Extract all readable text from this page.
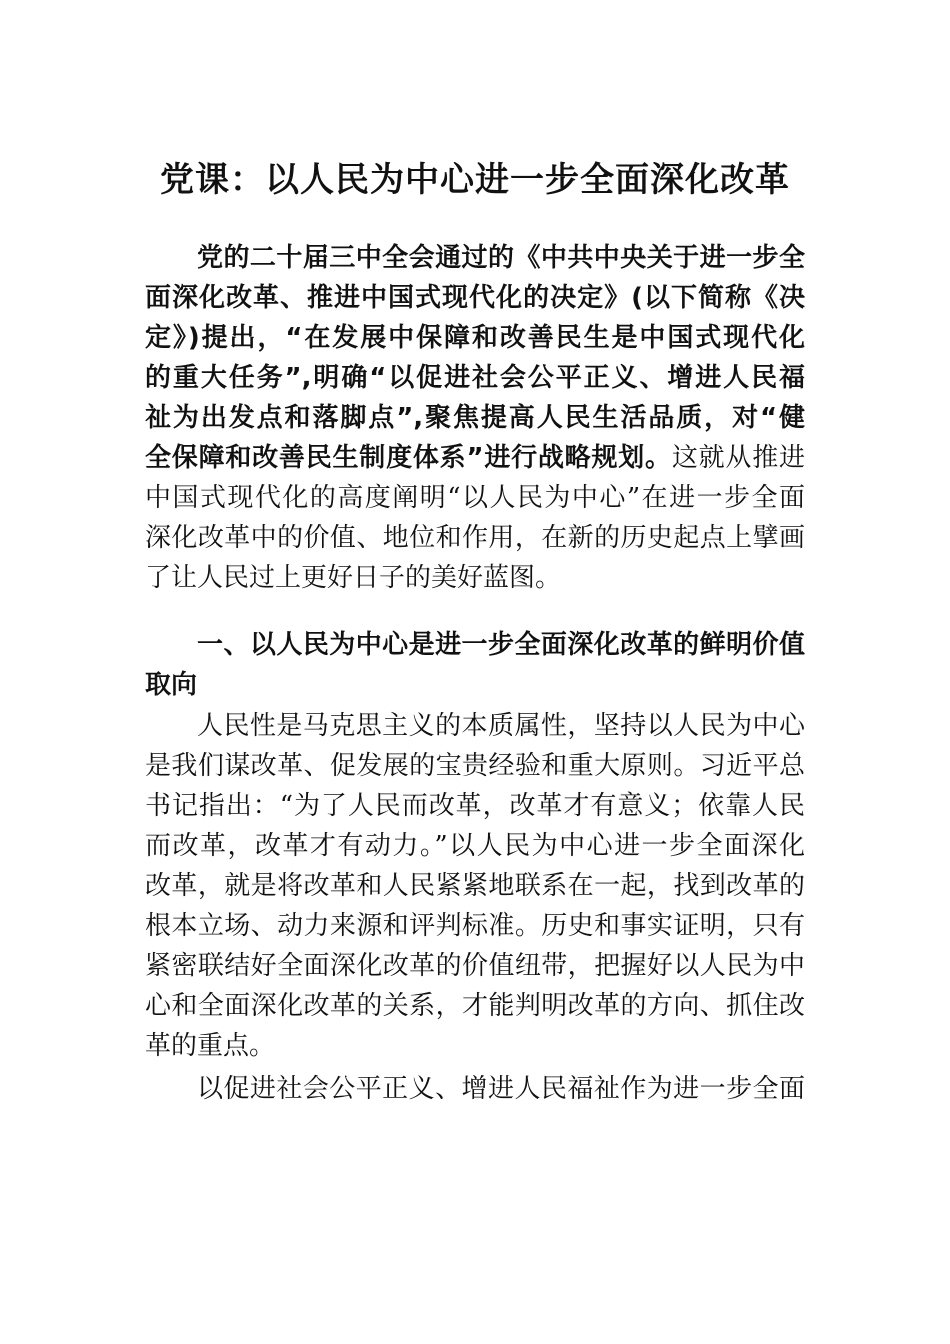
党课：以人民为中心进一步全面深化改革
党的二十届三中全会通过的《中共中央关于进一步全
面深化改革、推进中国式现代化的决定》(以下简称《决
定》)提出，“在发展中保障和改善民生是中国式现代化
的重大任务”,明确“以促进社会公平正义、增进人民福
祉为出发点和落脚点”,聚焦提高人民生活品质，对“健
全保障和改善民生制度体系”进行战略规划。这就从推进
中国式现代化的高度阐明“以人民为中心”在进一步全面
深化改革中的价值、地位和作用，在新的历史起点上擘画
了让人民过上更好日子的美好蓝图。
一、以人民为中心是进一步全面深化改革的鲜明价值
取向
人民性是马克思主义的本质属性，坚持以人民为中心
是我们谋改革、促发展的宝贵经验和重大原则。习近平总
书记指出：“为了人民而改革，改革才有意义；依靠人民
而改革，改革才有动力。”以人民为中心进一步全面深化
改革，就是将改革和人民紧紧地联系在一起，找到改革的
根本立场、动力来源和评判标准。历史和事实证明，只有
紧密联结好全面深化改革的价值纽带，把握好以人民为中
心和全面深化改革的关系，才能判明改革的方向、抓住改
革的重点。
以促进社会公平正义、增进人民福祉作为进一步全面
